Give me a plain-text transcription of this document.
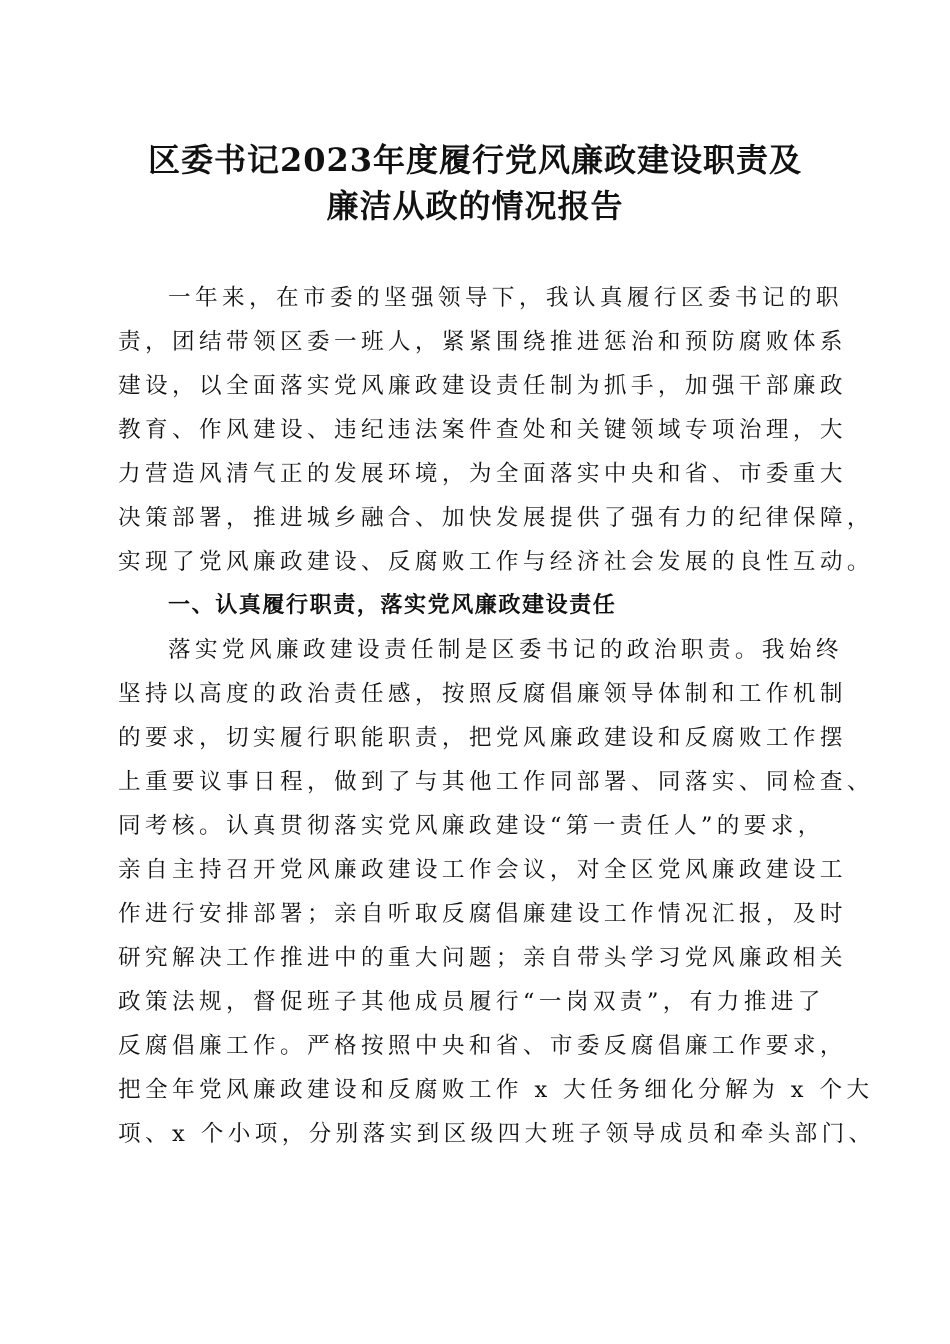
区委书记2023年度履行党风廉政建设职责及
廉洁从政的情况报告

一年来，在市委的坚强领导下，我认真履行区委书记的职

责，团结带领区委一班人，紧紧围绕推进惩治和预防腐败体系

建设，以全面落实党风廉政建设责任制为抓手，加强干部廉政

教育、作风建设、违纪违法案件查处和关键领域专项治理，大

力营造风清气正的发展环境，为全面落实中央和省、市委重大

决策部署，推进城乡融合、加快发展提供了强有力的纪律保障，

实现了党风廉政建设、反腐败工作与经济社会发展的良性互动。

一、认真履行职责，落实党风廉政建设责任

落实党风廉政建设责任制是区委书记的政治职责。我始终

坚持以高度的政治责任感，按照反腐倡廉领导体制和工作机制

的要求，切实履行职能职责，把党风廉政建设和反腐败工作摆

上重要议事日程，做到了与其他工作同部署、同落实、同检查、

同考核。认真贯彻落实党风廉政建设“第一责任人”的要求，

亲自主持召开党风廉政建设工作会议，对全区党风廉政建设工

作进行安排部署；亲自听取反腐倡廉建设工作情况汇报，及时

研究解决工作推进中的重大问题；亲自带头学习党风廉政相关

政策法规，督促班子其他成员履行“一岗双责”，有力推进了

反腐倡廉工作。严格按照中央和省、市委反腐倡廉工作要求，

把全年党风廉政建设和反腐败工作 x 大任务细化分解为 x 个大

项、x 个小项，分别落实到区级四大班子领导成员和牵头部门、
